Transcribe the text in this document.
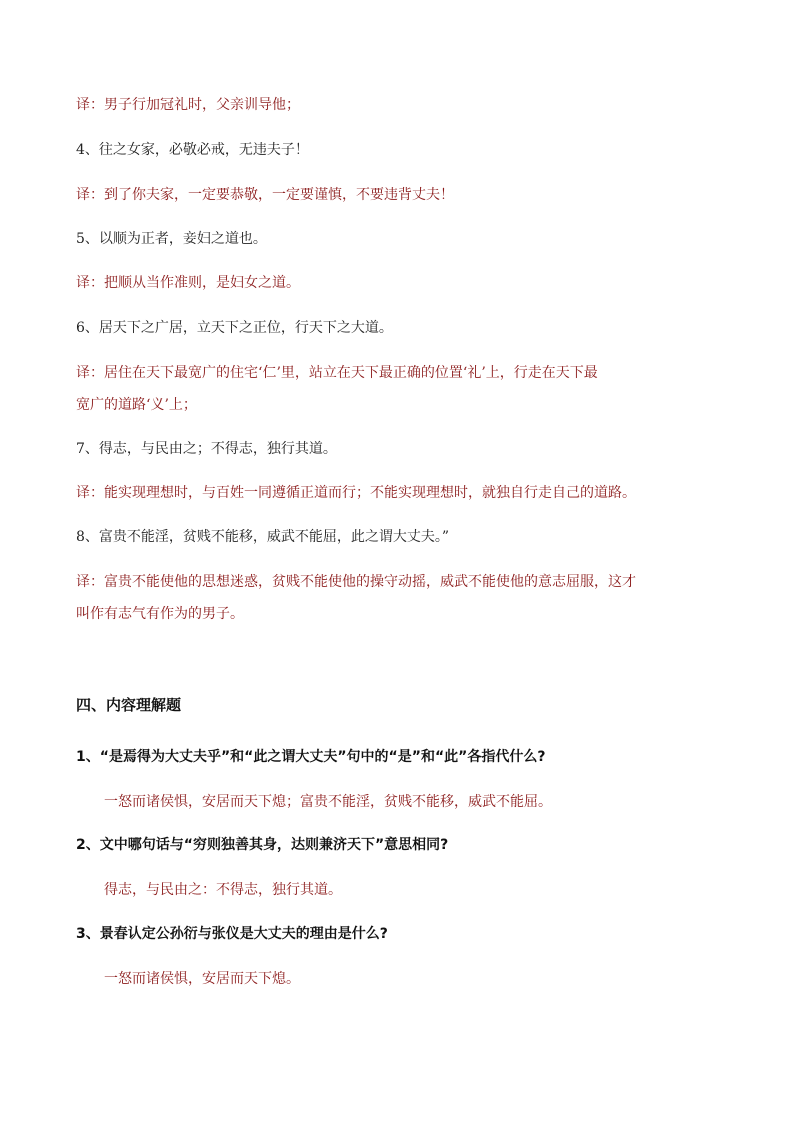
译：男子行加冠礼时，父亲训导他；
4、往之女家，必敬必戒，无违夫子！
译：到了你夫家，一定要恭敬，一定要谨慎，不要违背丈夫！
5、以顺为正者，妾妇之道也。
译：把顺从当作准则，是妇女之道。
6、居天下之广居，立天下之正位，行天下之大道。
译：居住在天下最宽广的住宅‘仁’里，站立在天下最正确的位置‘礼’上，行走在天下最
宽广的道路‘义’上；
7、得志，与民由之；不得志，独行其道。
译：能实现理想时，与百姓一同遵循正道而行；不能实现理想时，就独自行走自己的道路。
8、富贵不能淫，贫贱不能移，威武不能屈，此之谓大丈夫。”
译：富贵不能使他的思想迷惑，贫贱不能使他的操守动摇，威武不能使他的意志屈服，这才
叫作有志气有作为的男子。
四、内容理解题
1、“是焉得为大丈夫乎”和“此之谓大丈夫”句中的“是”和“此”各指代什么?
一怒而诸侯惧，安居而天下熄；富贵不能淫，贫贱不能移，威武不能屈。
2、文中哪句话与“穷则独善其身，达则兼济天下”意思相同?
得志，与民由之：不得志，独行其道。
3、景春认定公孙衍与张仪是大丈夫的理由是什么?
一怒而诸侯惧，安居而天下熄。
